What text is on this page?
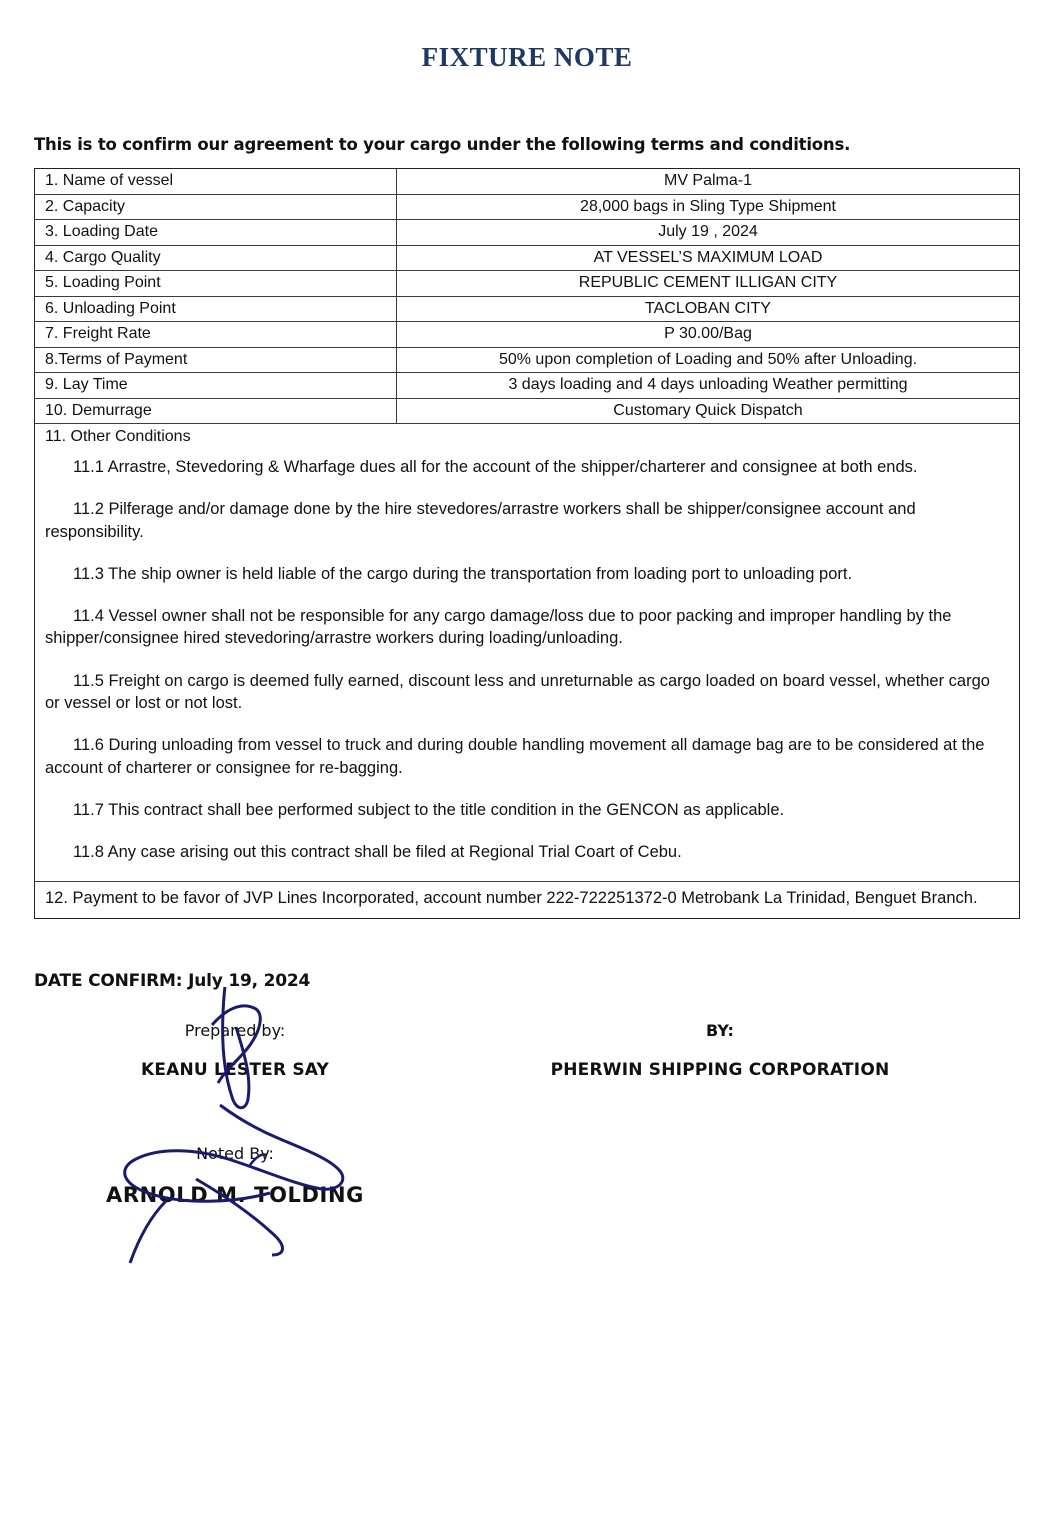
FIXTURE NOTE
This is to confirm our agreement to your cargo under the following terms and conditions.
1. Name of vessel	MV Palma-1
2. Capacity	28,000 bags in Sling Type Shipment
3. Loading Date	July 19 , 2024
4. Cargo Quality	AT VESSEL’S MAXIMUM LOAD
5. Loading Point	REPUBLIC CEMENT ILLIGAN CITY
6. Unloading Point	TACLOBAN CITY
7. Freight Rate	P 30.00/Bag
8.Terms of Payment	50% upon completion of Loading and 50% after Unloading.
9. Lay Time	3 days loading and 4 days unloading Weather permitting
10. Demurrage	Customary Quick Dispatch
11. Other Conditions

11.1 Arrastre, Stevedoring & Wharfage dues all for the account of the shipper/charterer and consignee at both ends.

11.2 Pilferage and/or damage done by the hire stevedores/arrastre workers shall be shipper/consignee account and responsibility.

11.3 The ship owner is held liable of the cargo during the transportation from loading port to unloading port.

11.4 Vessel owner shall not be responsible for any cargo damage/loss due to poor packing and improper handling by the shipper/consignee hired stevedoring/arrastre workers during loading/unloading.

11.5 Freight on cargo is deemed fully earned, discount less and unreturnable as cargo loaded on board vessel, whether cargo or vessel or lost or not lost.

11.6 During unloading from vessel to truck and during double handling movement all damage bag are to be considered at the account of charterer or consignee for re-bagging.

11.7 This contract shall bee performed subject to the title condition in the GENCON as applicable.

11.8 Any case arising out this contract shall be filed at Regional Trial Coart of Cebu.

12. Payment to be favor of JVP Lines Incorporated, account number 222-722251372-0 Metrobank La Trinidad, Benguet Branch.
DATE CONFIRM: July 19, 2024
Prepared by:
KEANU LESTER SAY
Noted By:
ARNOLD M. TOLDING
BY:
PHERWIN SHIPPING CORPORATION
